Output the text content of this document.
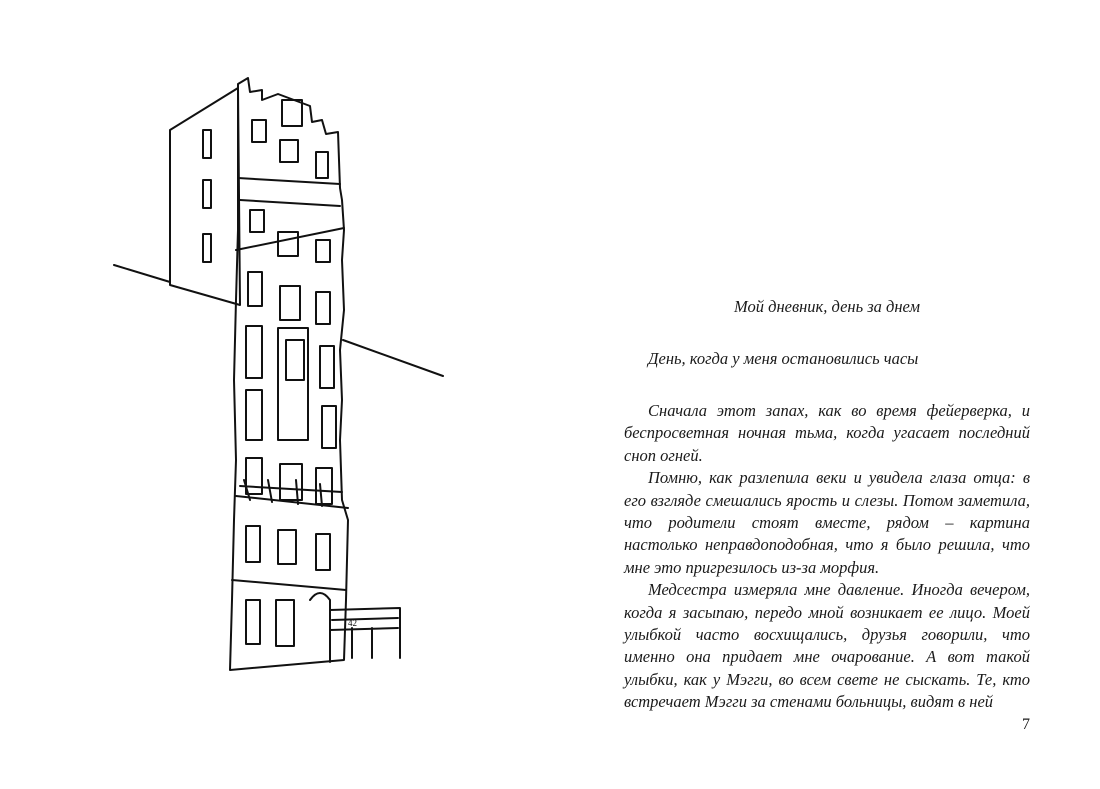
42

Мой дневник, день за днем

День, когда у меня остановились часы

Сначала этот запах, как во время фейерверка, и беспросветная ночная тьма, когда угасает последний сноп огней.

Помню, как разлепила веки и увидела глаза отца: в его взгляде смешались ярость и слезы. Потом заметила, что родители стоят вместе, рядом – картина настолько неправдоподобная, что я было решила, что мне это пригрезилось из-за морфия.

Медсестра измеряла мне давление. Иногда вечером, когда я засыпаю, передо мной возникает ее лицо. Моей улыбкой часто восхищались, друзья говорили, что именно она придает мне очарование. А вот такой улыбки, как у Мэгги, во всем свете не сыскать. Те, кто встречает Мэгги за стенами больницы, видят в ней

7
